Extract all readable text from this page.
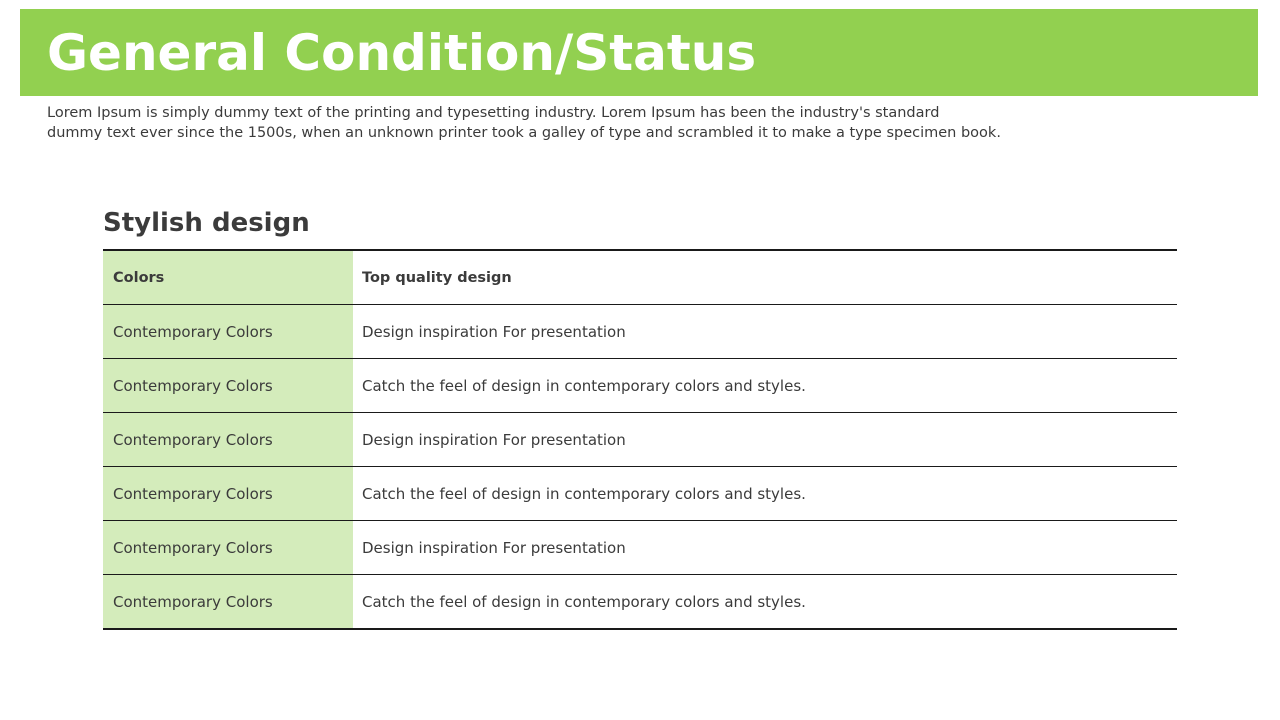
General Condition/Status

Lorem Ipsum is simply dummy text of the printing and typesetting industry. Lorem Ipsum has been the industry's standard
dummy text ever since the 1500s, when an unknown printer took a galley of type and scrambled it to make a type specimen book.

Stylish design
Colors	Top quality design
Contemporary Colors	Design inspiration For presentation
Contemporary Colors	Catch the feel of design in contemporary colors and styles.
Contemporary Colors	Design inspiration For presentation
Contemporary Colors	Catch the feel of design in contemporary colors and styles.
Contemporary Colors	Design inspiration For presentation
Contemporary Colors	Catch the feel of design in contemporary colors and styles.
